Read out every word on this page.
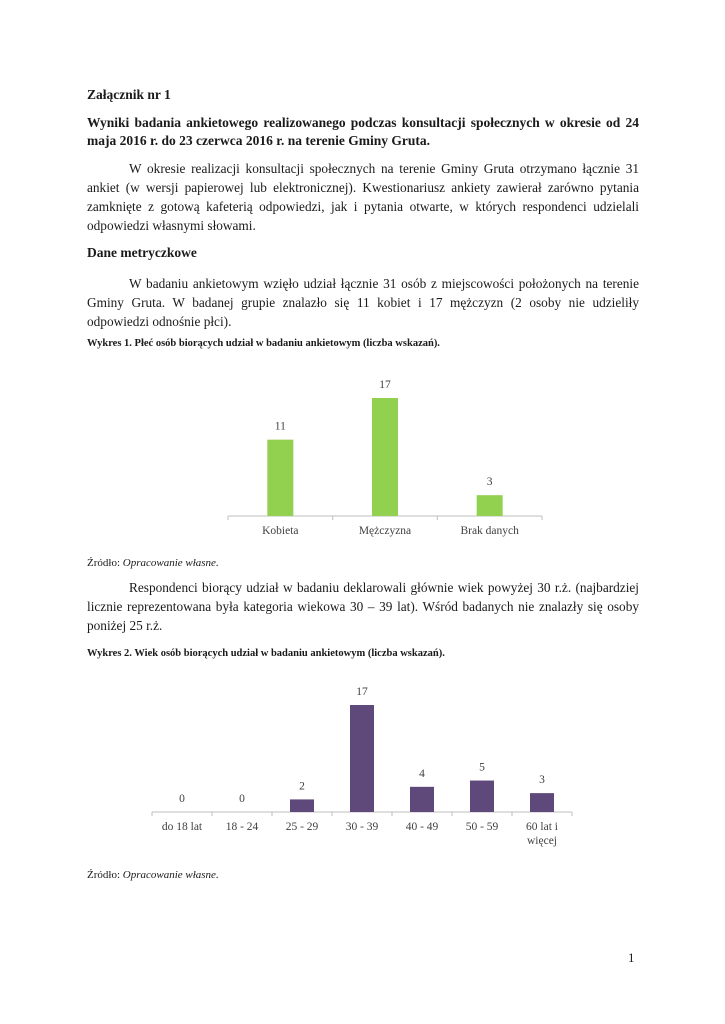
Załącznik nr 1
Wyniki badania ankietowego realizowanego podczas konsultacji społecznych w okresie od 24 maja 2016 r. do 23 czerwca 2016 r. na terenie Gminy Gruta.
W okresie realizacji konsultacji społecznych na terenie Gminy Gruta otrzymano łącznie 31 ankiet (w wersji papierowej lub elektronicznej). Kwestionariusz ankiety zawierał zarówno pytania zamknięte z gotową kafeterią odpowiedzi, jak i pytania otwarte, w których respondenci udzielali odpowiedzi własnymi słowami.
Dane metryczkowe
W badaniu ankietowym wzięło udział łącznie 31 osób z miejscowości położonych na terenie Gminy Gruta. W badanej grupie znalazło się 11 kobiet i 17 mężczyzn (2 osoby nie udzieliły odpowiedzi odnośnie płci).
Wykres 1. Płeć osób biorących udział w badaniu ankietowym (liczba wskazań).
Źródło: Opracowanie własne.
Respondenci biorący udział w badaniu deklarowali głównie wiek powyżej 30 r.ż. (najbardziej licznie reprezentowana była kategoria wiekowa 30 – 39 lat). Wśród badanych nie znalazły się osoby poniżej 25 r.ż.
Wykres 2. Wiek osób biorących udział w badaniu ankietowym (liczba wskazań).
Źródło: Opracowanie własne.
1
11
Kobieta
17
Mężczyzna
3
Brak danych
0
do 18 lat
0
18 - 24
2
25 - 29
17
30 - 39
4
40 - 49
5
50 - 59
3
60 lat i
więcej
